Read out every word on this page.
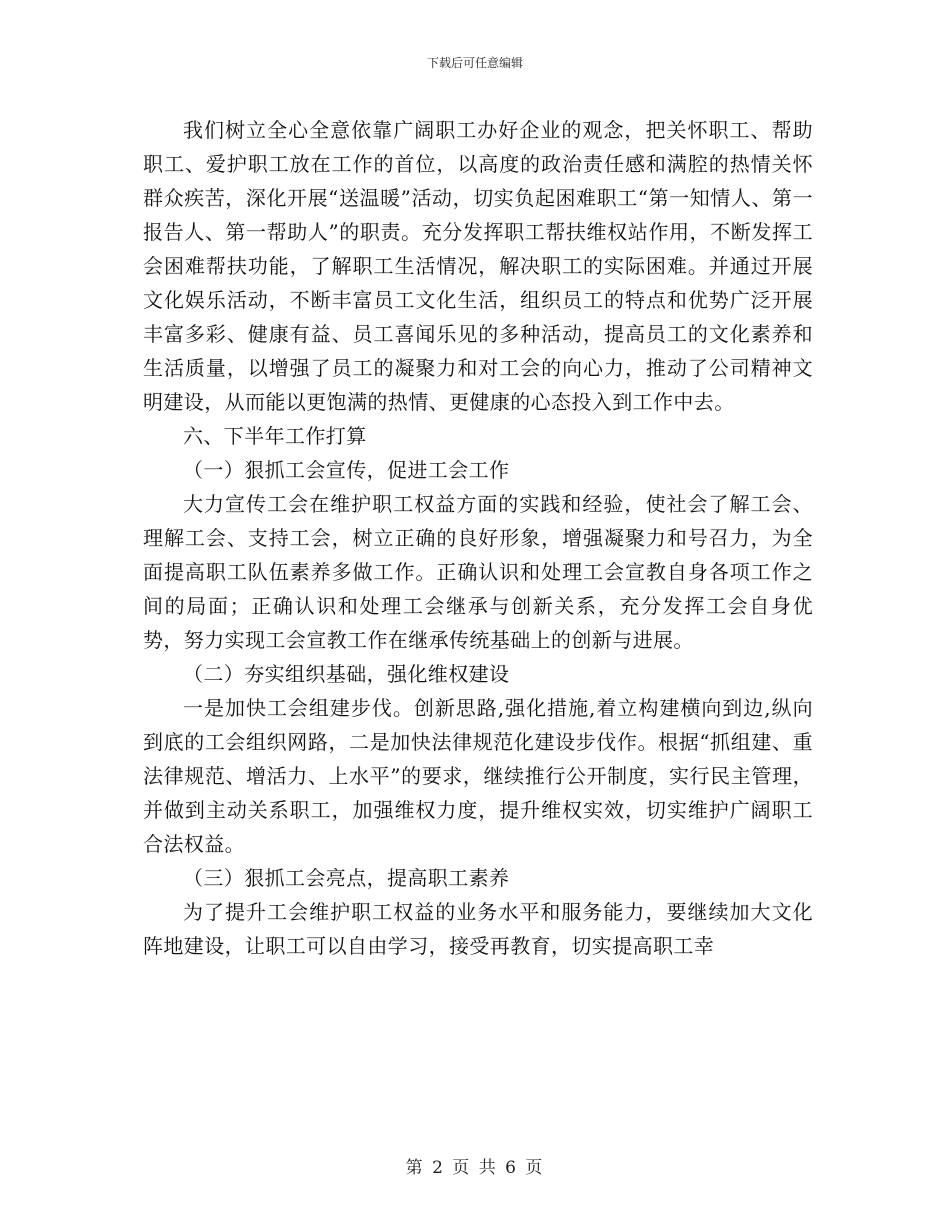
下载后可任意编辑

我们树立全心全意依靠广阔职工办好企业的观念，把关怀职工、帮助职工、爱护职工放在工作的首位，以高度的政治责任感和满腔的热情关怀群众疾苦，深化开展“送温暖”活动，切实负起困难职工“第一知情人、第一报告人、第一帮助人”的职责。充分发挥职工帮扶维权站作用，不断发挥工会困难帮扶功能，了解职工生活情况，解决职工的实际困难。并通过开展文化娱乐活动，不断丰富员工文化生活，组织员工的特点和优势广泛开展丰富多彩、健康有益、员工喜闻乐见的多种活动，提高员工的文化素养和生活质量，以增强了员工的凝聚力和对工会的向心力，推动了公司精神文明建设，从而能以更饱满的热情、更健康的心态投入到工作中去。

六、下半年工作打算

（一）狠抓工会宣传，促进工会工作

大力宣传工会在维护职工权益方面的实践和经验，使社会了解工会、理解工会、支持工会，树立正确的良好形象，增强凝聚力和号召力，为全面提高职工队伍素养多做工作。正确认识和处理工会宣教自身各项工作之间的局面；正确认识和处理工会继承与创新关系，充分发挥工会自身优势，努力实现工会宣教工作在继承传统基础上的创新与进展。

（二）夯实组织基础，强化维权建设

一是加快工会组建步伐。创新思路,强化措施,着立构建横向到边,纵向到底的工会组织网路，二是加快法律规范化建设步伐作。根据“抓组建、重法律规范、增活力、上水平”的要求，继续推行公开制度，实行民主管理，并做到主动关系职工，加强维权力度，提升维权实效，切实维护广阔职工合法权益。

（三）狠抓工会亮点，提高职工素养

为了提升工会维护职工权益的业务水平和服务能力，要继续加大文化阵地建设，让职工可以自由学习，接受再教育，切实提高职工幸

第 2 页 共 6 页
